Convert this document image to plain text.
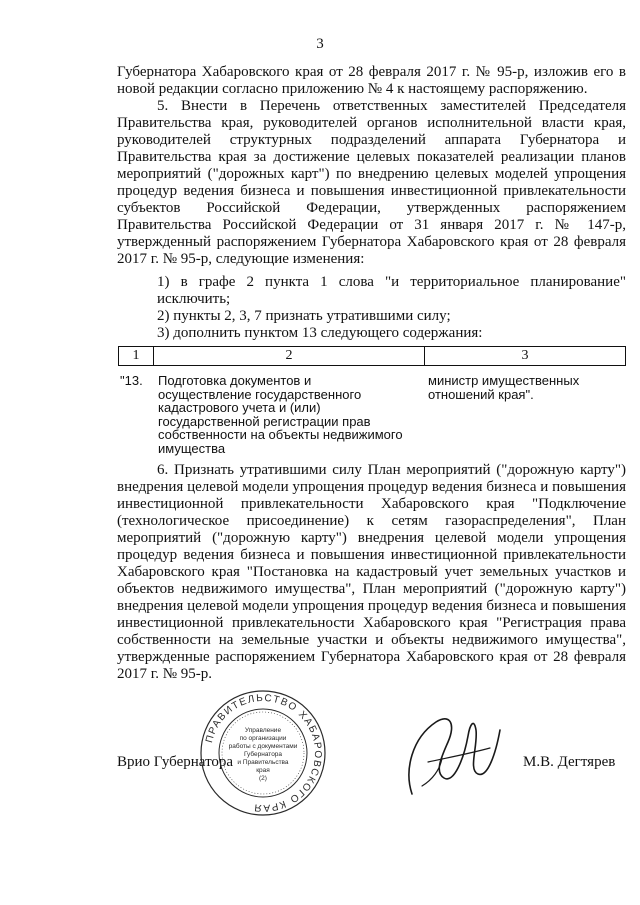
3

Губернатора Хабаровского края от 28 февраля 2017 г. № 95-р, изложив его в новой редакции согласно приложению № 4 к настоящему распоряжению.

5. Внести в Перечень ответственных заместителей Председателя Правительства края, руководителей органов исполнительной власти края, руководителей структурных подразделений аппарата Губернатора и Правительства края за достижение целевых показателей реализации планов мероприятий ("дорожных карт") по внедрению целевых моделей упрощения процедур ведения бизнеса и повышения инвестиционной привлекательности субъектов Российской Федерации, утвержденных распоряжением Правительства Российской Федерации от 31 января 2017 г. № 147-р, утвержденный распоряжением Губернатора Хабаровского края от 28 февраля 2017 г. № 95-р, следующие изменения:

1) в графе 2 пункта 1 слова "и территориальное планирование" исключить;

2) пункты 2, 3, 7 признать утратившими силу;

3) дополнить пунктом 13 следующего содержания:

1	2	3
"13. Подготовка документов и осуществление государственного кадастрового учета и (или) государственной регистрации прав собственности на объекты недвижимого имущества
министр имущественных отношений края".

6. Признать утратившими силу План мероприятий ("дорожную карту") внедрения целевой модели упрощения процедур ведения бизнеса и повышения инвестиционной привлекательности Хабаровского края "Подключение (технологическое присоединение) к сетям газораспределения", План мероприятий ("дорожную карту") внедрения целевой модели упрощения процедур ведения бизнеса и повышения инвестиционной привлекательности Хабаровского края "Постановка на кадастровый учет земельных участков и объектов недвижимого имущества", План мероприятий ("дорожную карту") внедрения целевой модели упрощения процедур ведения бизнеса и повышения инвестиционной привлекательности Хабаровского края "Регистрация права собственности на земельные участки и объекты недвижимого имущества", утвержденные распоряжением Губернатора Хабаровского края от 28 февраля 2017 г. № 95-р.

Врио Губернатора
ПРАВИТЕЛЬСТВО ХАБАРОВСКОГО КРАЯ
Управление
по организации
работы с документами
Губернатора
и Правительства
края
(2)
М.В. Дегтярев
